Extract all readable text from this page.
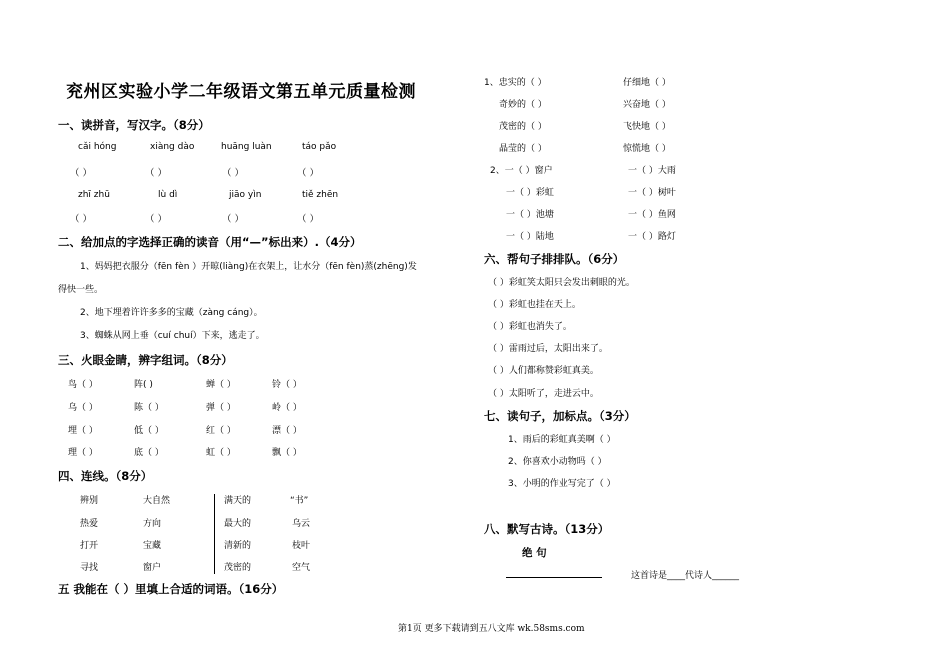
兖州区实验小学二年级语文第五单元质量检测
一、读拼音，写汉字。（8分）
cǎi hóng	xiàng dào	huāng luàn	táo pǎo
（ ）	（ ）	（ ）	（ ）
zhī zhū	lù dì	jiāo yìn	tiě zhēn
（ ）	（ ）	（ ）	（ ）
二、给加点的字选择正确的读音（用“—”标出来）.（4分）
1、妈妈把衣服分（fēn fèn ）开晾(liàng)在衣架上，让水分（fēn fèn)蒸(zhēng)发
得快一些。
2、地下埋着许许多多的宝藏（zàng cáng）。
3、蜘蛛从网上垂（cuí chuí）下来，逃走了。
三、火眼金睛，辨字组词。（8分）
鸟（ ）	阵( )	蝉（ ）	铃（ ）
乌（ ）	陈（ ）	弹（ ）	岭（ ）
埋（ ）	低（ ）	红（ ）	漂（ ）
理（ ）	底（ ）	虹（ ）	飘（ ）
四、连线。（8分）
辨别	大自然	满天的	“书”
热爱	方向	最大的	乌云
打开	宝藏	清新的	枝叶
寻找	窗户	茂密的	空气
五 我能在（ ）里填上合适的词语。（16分）
1、忠实的（ ）	仔细地（ ）
奇妙的（ ）	兴奋地（ ）
茂密的（ ）	飞快地（ ）
晶莹的（ ）	惊慌地（ ）
2、一（ ）窗户	一（ ）大雨
一（ ）彩虹	一（ ）树叶
一（ ）池塘	一（ ）鱼网
一（ ）陆地	一（ ）路灯
六、帮句子排排队。（6分）
（ ）彩虹笑太阳只会发出刺眼的光。
（ ）彩虹也挂在天上。
（ ）彩虹也消失了。
（ ）雷雨过后，太阳出来了。
（ ）人们都称赞彩虹真美。
（ ）太阳听了，走进云中。
七、读句子，加标点。（3分）
1、雨后的彩虹真美啊（ ）
2、你喜欢小动物吗（ ）
3、小明的作业写完了（ ）
八、默写古诗。（13分）
绝 句
这首诗是____代诗人______
第1页 更多下载请到五八文库 wk.58sms.com
